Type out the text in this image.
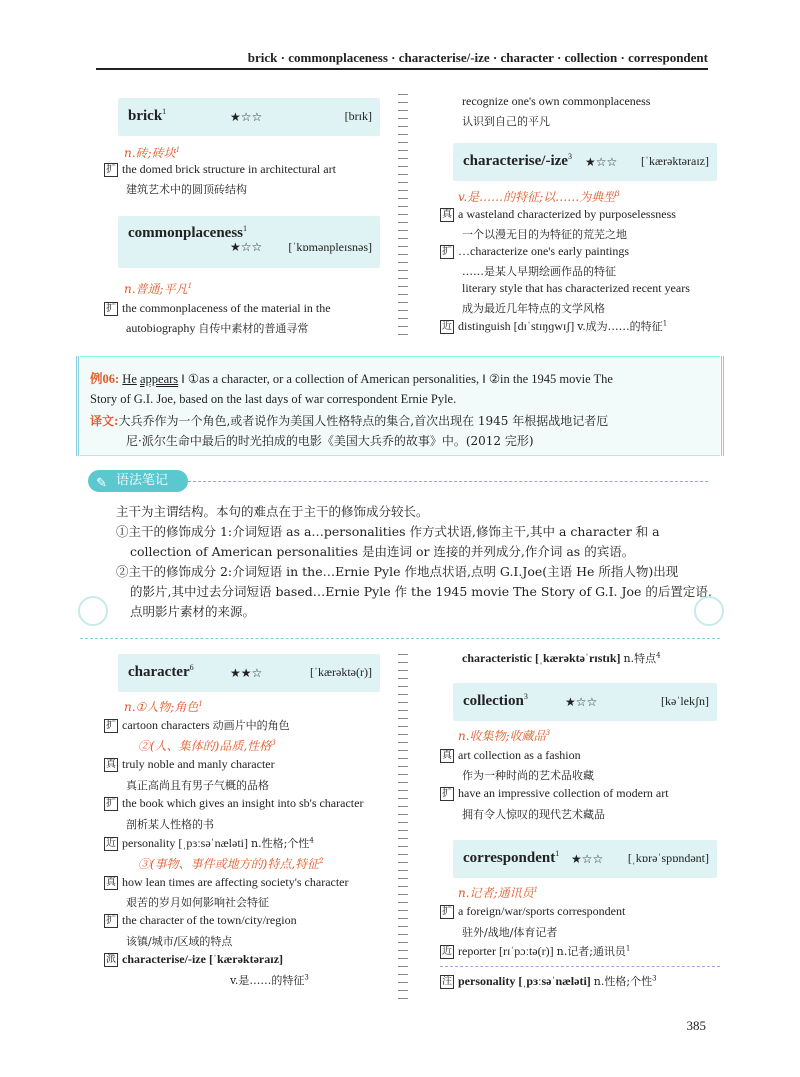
brick · commonplaceness · characterise/-ize · character · collection · correspondent
brick$^1$	★☆☆	[brɪk]
n.砖;砖块$^1$
扩 the domed brick structure in architectural art
建筑艺术中的圆顶砖结构
commonplaceness$^1$
★☆☆ [ˈkɒmənpleɪsnəs]
n.普通;平凡$^1$
扩 the commonplaceness of the material in the
autobiography 自传中素材的普通寻常
recognize one's own commonplaceness
认识到自己的平凡
characterise/-ize$^3$ ★☆☆ [ˈkærəktəraɪz]
v.是……的特征;以……为典型$^3$
真 a wasteland characterized by purposelessness
一个以漫无目的为特征的荒芜之地
扩 …characterize one's early paintings
……是某人早期绘画作品的特征
literary style that has characterized recent years
成为最近几年特点的文学风格
近 distinguish [dɪˈstɪŋɡwɪʃ] v.成为……的特征$^1$
例06: He appears ‖ ①as a character, or a collection of American personalities, ‖ ②in the 1945 movie The
Story of G.I. Joe, based on the last days of war correspondent Ernie Pyle.
译文:大兵乔作为一个角色,或者说作为美国人性格特点的集合,首次出现在 1945 年根据战地记者厄
尼·派尔生命中最后的时光拍成的电影《美国大兵乔的故事》中。(2012 完形)
✎ 语法笔记
主干为主谓结构。本句的难点在于主干的修饰成分较长。
①主干的修饰成分 1:介词短语 as a…personalities 作方式状语,修饰主干,其中 a character 和 a
collection of American personalities 是由连词 or 连接的并列成分,作介词 as 的宾语。
②主干的修饰成分 2:介词短语 in the…Ernie Pyle 作地点状语,点明 G.I.Joe(主语 He 所指人物)出现
的影片,其中过去分词短语 based…Ernie Pyle 作 the 1945 movie The Story of G.I. Joe 的后置定语,
点明影片素材的来源。
character$^6$	★★☆	[ˈkærəktə(r)]
n.①人物;角色$^1$
扩 cartoon characters 动画片中的角色
②(人、集体的)品质,性格$^3$
真 truly noble and manly character
真正高尚且有男子气概的品格
扩 the book which gives an insight into sb's character
剖析某人性格的书
近 personality [ˌpɜːsəˈnæləti] n.性格;个性$^4$
③(事物、事件或地方的)特点,特征$^2$
真 how lean times are affecting society's character
艰苦的岁月如何影响社会特征
扩 the character of the town/city/region
该镇/城市/区域的特点
派 characterise/-ize [ˈkærəktəraɪz]
v.是……的特征$^3$
characteristic [ˌkærəktəˈrɪstɪk] n.特点$^4$
collection$^3$	★☆☆	[kəˈlekʃn]
n.收集物;收藏品$^3$
真 art collection as a fashion
作为一种时尚的艺术品收藏
扩 have an impressive collection of modern art
拥有令人惊叹的现代艺术藏品
correspondent$^1$ ★☆☆ [ˌkɒrəˈspɒndənt]
n.记者;通讯员$^1$
扩 a foreign/war/sports correspondent
驻外/战地/体育记者
近 reporter [rɪˈpɔːtə(r)] n.记者;通讯员$^1$
注 personality [ˌpɜːsəˈnæləti] n.性格;个性$^3$
385
